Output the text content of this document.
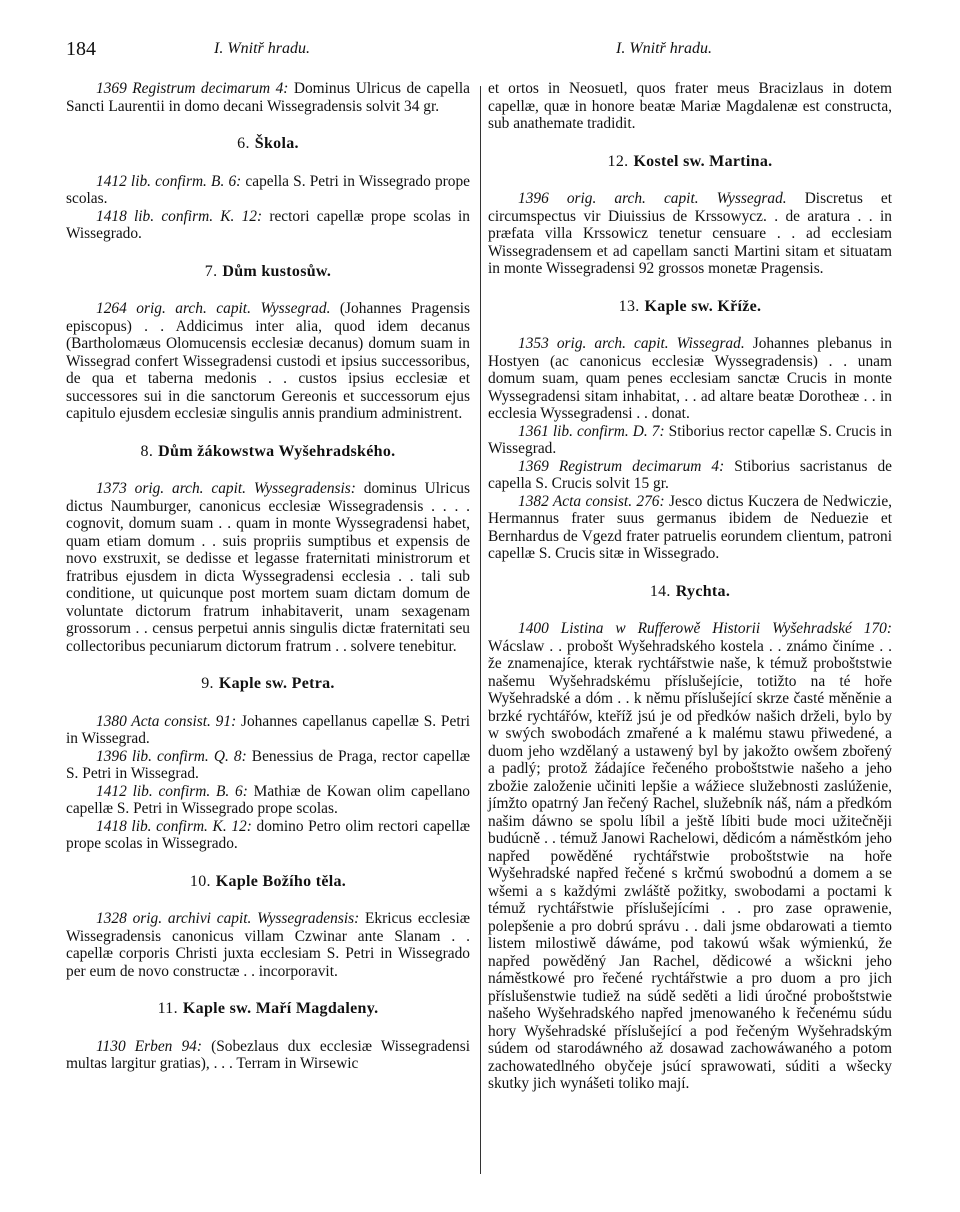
184	I. Wnitř hradu.	I. Wnitř hradu.

1369 Registrum decimarum 4: Dominus Ulricus de capella Sancti Laurentii in domo decani Wissegradensis solvit 34 gr.

6. Škola.

1412 lib. confirm. B. 6: capella S. Petri in Wissegrado prope scolas.

1418 lib. confirm. K. 12: rectori capellæ prope scolas in Wissegrado.

7. Dům kustosůw.

1264 orig. arch. capit. Wyssegrad. (Johannes Pragensis episcopus) . . Addicimus inter alia, quod idem decanus (Bartholomæus Olomucensis ecclesiæ decanus) domum suam in Wissegrad confert Wissegradensi custodi et ipsius successoribus, de qua et taberna medonis . . custos ipsius ecclesiæ et successores sui in die sanctorum Gereonis et successorum ejus capitulo ejusdem ecclesiæ singulis annis prandium administrent.

8. Dům žákowstwa Wyšehradského.

1373 orig. arch. capit. Wyssegradensis: dominus Ulricus dictus Naumburger, canonicus ecclesiæ Wissegradensis . . . . cognovit, domum suam . . quam in monte Wyssegradensi habet, quam etiam domum . . suis propriis sumptibus et expensis de novo exstruxit, se dedisse et legasse fraternitati ministrorum et fratribus ejusdem in dicta Wyssegradensi ecclesia . . tali sub conditione, ut quicunque post mortem suam dictam domum de voluntate dictorum fratrum inhabitaverit, unam sexagenam grossorum . . census perpetui annis singulis dictæ fraternitati seu collectoribus pecuniarum dictorum fratrum . . solvere tenebitur.

9. Kaple sw. Petra.

1380 Acta consist. 91: Johannes capellanus capellæ S. Petri in Wissegrad.

1396 lib. confirm. Q. 8: Benessius de Praga, rector capellæ S. Petri in Wissegrad.

1412 lib. confirm. B. 6: Mathiæ de Kowan olim capellano capellæ S. Petri in Wissegrado prope scolas.

1418 lib. confirm. K. 12: domino Petro olim rectori capellæ prope scolas in Wissegrado.

10. Kaple Božího těla.

1328 orig. archivi capit. Wyssegradensis: Ekricus ecclesiæ Wissegradensis canonicus villam Czwinar ante Slanam . . capellæ corporis Christi juxta ecclesiam S. Petri in Wissegrado per eum de novo constructæ . . incorporavit.

11. Kaple sw. Maří Magdaleny.

1130 Erben 94: (Sobezlaus dux ecclesiæ Wissegradensi multas largitur gratias), . . . Terram in Wirsewic

et ortos in Neosuetl, quos frater meus Bracizlaus in dotem capellæ, quæ in honore beatæ Mariæ Magdalenæ est constructa, sub anathemate tradidit.

12. Kostel sw. Martina.

1396 orig. arch. capit. Wyssegrad. Discretus et circumspectus vir Diuissius de Krssowycz. . de aratura . . in præfata villa Krssowicz tenetur censuare . . ad ecclesiam Wissegradensem et ad capellam sancti Martini sitam et situatam in monte Wissegradensi 92 grossos monetæ Pragensis.

13. Kaple sw. Kříže.

1353 orig. arch. capit. Wissegrad. Johannes plebanus in Hostyen (ac canonicus ecclesiæ Wyssegradensis) . . unam domum suam, quam penes ecclesiam sanctæ Crucis in monte Wyssegradensi sitam inhabitat, . . ad altare beatæ Dorotheæ . . in ecclesia Wyssegradensi . . donat.

1361 lib. confirm. D. 7: Stiborius rector capellæ S. Crucis in Wissegrad.

1369 Registrum decimarum 4: Stiborius sacristanus de capella S. Crucis solvit 15 gr.

1382 Acta consist. 276: Jesco dictus Kuczera de Nedwiczie, Hermannus frater suus germanus ibidem de Neduezie et Bernhardus de Vgezd frater patruelis eorundem clientum, patroni capellæ S. Crucis sitæ in Wissegrado.

14. Rychta.

1400 Listina w Rufferowě Historii Wyšehradské 170: Wácslaw . . probošt Wyšehradského kostela . . známo činíme . . že znamenajíce, kterak rychtářstwie naše, k témuž proboštstwie našemu Wyšehradskému příslušejície, totižto na té hoře Wyšehradské a dóm . . k němu příslušející skrze časté měněnie a brzké rychtářów, kteříž jsú je od předków našich drželi, bylo by w swých swobodách zmařené a k malému stawu přiwedené, a duom jeho wzdělaný a ustawený byl by jakožto owšem zbořený a padlý; protož žádajíce řečeného proboštstwie našeho a jeho zbožie založenie učiniti lepšie a wážiece služebnosti zaslúženie, jímžto opatrný Jan řečený Rachel, služebník náš, nám a předkóm našim dáwno se spolu líbil a ještě líbiti bude moci užitečněji budúcně . . témuž Janowi Rachelowi, dědicóm a náměstkóm jeho napřed powěděné rychtářstwie proboštstwie na hoře Wyšehradské napřed řečené s krčmú swobodnú a domem a se wšemi a s každými zwláště požitky, swobodami a poctami k témuž rychtářstwie příslušejícími . . pro zase oprawenie, polepšenie a pro dobrú správu . . dali jsme obdarowati a tiemto listem milostiwě dáwáme, pod takowú wšak wýmienkú, že napřed powěděný Jan Rachel, dědicowé a wšickni jeho náměstkowé pro řečené rychtářstwie a pro duom a pro jich příslušenstwie tudiež na súdě seděti a lidi úročné proboštstwie našeho Wyšehradského napřed jmenowaného k řečenému súdu hory Wyšehradské příslušející a pod řečeným Wyšehradským súdem od starodáwného až dosawad zachowáwaného a potom zachowatedlného obyčeje jsúcí sprawowati, súditi a wšecky skutky jich wynášeti toliko mají.
